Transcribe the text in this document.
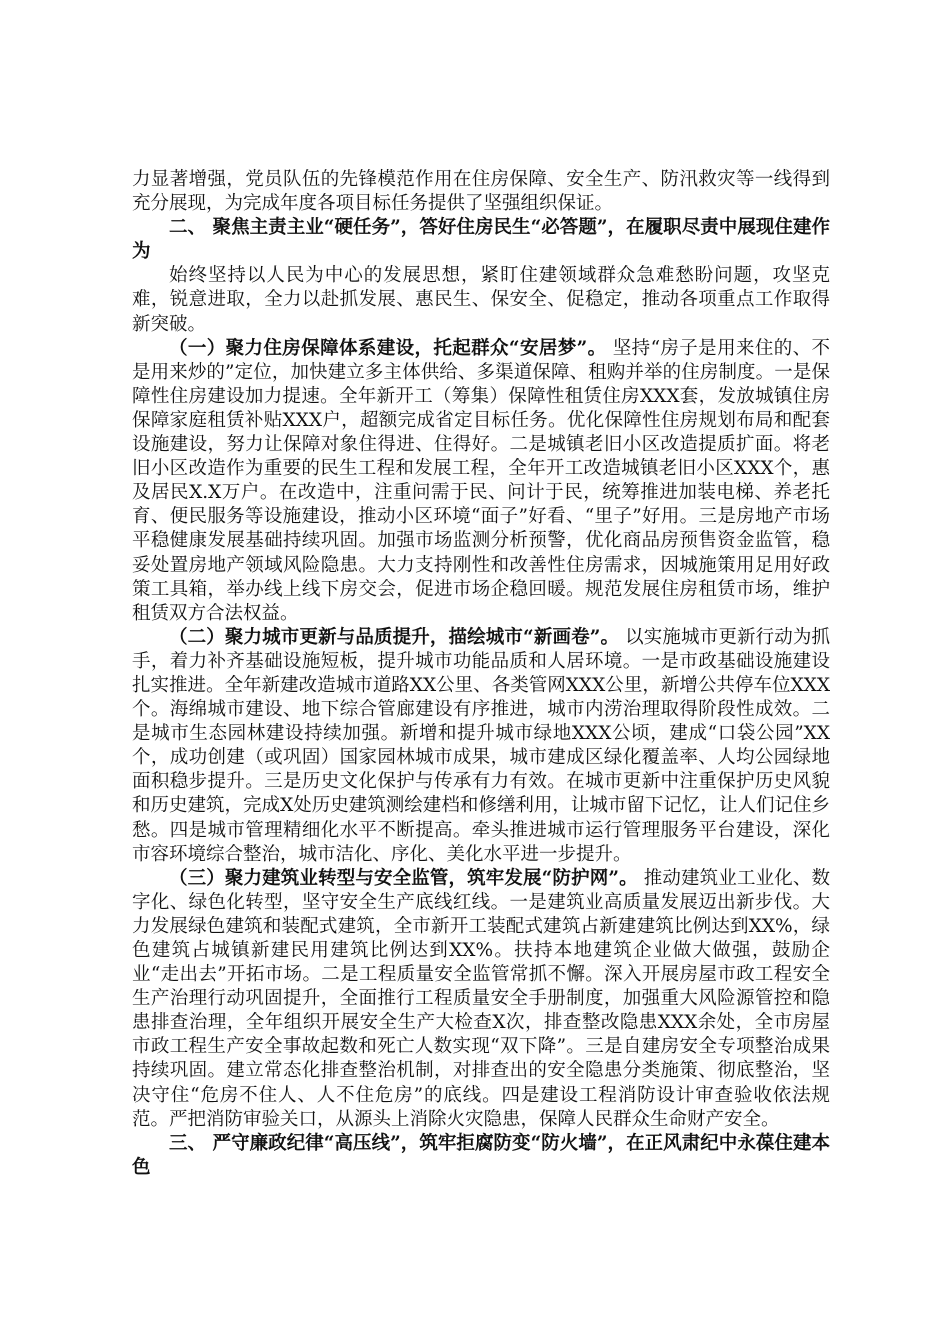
力显著增强，党员队伍的先锋模范作用在住房保障、安全生产、防汛救灾等一线得到充分展现，为完成年度各项目标任务提供了坚强组织保证。

二、 聚焦主责主业“硬任务”，答好住房民生“必答题”，在履职尽责中展现住建作为

始终坚持以人民为中心的发展思想，紧盯住建领域群众急难愁盼问题，攻坚克难，锐意进取，全力以赴抓发展、惠民生、保安全、促稳定，推动各项重点工作取得新突破。

（一）聚力住房保障体系建设，托起群众“安居梦”。 坚持“房子是用来住的、不是用来炒的”定位，加快建立多主体供给、多渠道保障、租购并举的住房制度。一是保障性住房建设加力提速。全年新开工（筹集）保障性租赁住房XXX套，发放城镇住房保障家庭租赁补贴XXX户，超额完成省定目标任务。优化保障性住房规划布局和配套设施建设，努力让保障对象住得进、住得好。二是城镇老旧小区改造提质扩面。将老旧小区改造作为重要的民生工程和发展工程，全年开工改造城镇老旧小区XXX个，惠及居民X.X万户。在改造中，注重问需于民、问计于民，统筹推进加装电梯、养老托育、便民服务等设施建设，推动小区环境“面子”好看、“里子”好用。三是房地产市场平稳健康发展基础持续巩固。加强市场监测分析预警，优化商品房预售资金监管，稳妥处置房地产领域风险隐患。大力支持刚性和改善性住房需求，因城施策用足用好政策工具箱，举办线上线下房交会，促进市场企稳回暖。规范发展住房租赁市场，维护租赁双方合法权益。

（二）聚力城市更新与品质提升，描绘城市“新画卷”。 以实施城市更新行动为抓手，着力补齐基础设施短板，提升城市功能品质和人居环境。一是市政基础设施建设扎实推进。全年新建改造城市道路XX公里、各类管网XXX公里，新增公共停车位XXX个。海绵城市建设、地下综合管廊建设有序推进，城市内涝治理取得阶段性成效。二是城市生态园林建设持续加强。新增和提升城市绿地XXX公顷，建成“口袋公园”XX个，成功创建（或巩固）国家园林城市成果，城市建成区绿化覆盖率、人均公园绿地面积稳步提升。三是历史文化保护与传承有力有效。在城市更新中注重保护历史风貌和历史建筑，完成X处历史建筑测绘建档和修缮利用，让城市留下记忆，让人们记住乡愁。四是城市管理精细化水平不断提高。牵头推进城市运行管理服务平台建设，深化市容环境综合整治，城市洁化、序化、美化水平进一步提升。

（三）聚力建筑业转型与安全监管，筑牢发展“防护网”。 推动建筑业工业化、数字化、绿色化转型，坚守安全生产底线红线。一是建筑业高质量发展迈出新步伐。大力发展绿色建筑和装配式建筑，全市新开工装配式建筑占新建建筑比例达到XX%，绿色建筑占城镇新建民用建筑比例达到XX%。扶持本地建筑企业做大做强，鼓励企业“走出去”开拓市场。二是工程质量安全监管常抓不懈。深入开展房屋市政工程安全生产治理行动巩固提升，全面推行工程质量安全手册制度，加强重大风险源管控和隐患排查治理，全年组织开展安全生产大检查X次，排查整改隐患XXX余处，全市房屋市政工程生产安全事故起数和死亡人数实现“双下降”。三是自建房安全专项整治成果持续巩固。建立常态化排查整治机制，对排查出的安全隐患分类施策、彻底整治，坚决守住“危房不住人、人不住危房”的底线。四是建设工程消防设计审查验收依法规范。严把消防审验关口，从源头上消除火灾隐患，保障人民群众生命财产安全。

三、 严守廉政纪律“高压线”，筑牢拒腐防变“防火墙”，在正风肃纪中永葆住建本色
